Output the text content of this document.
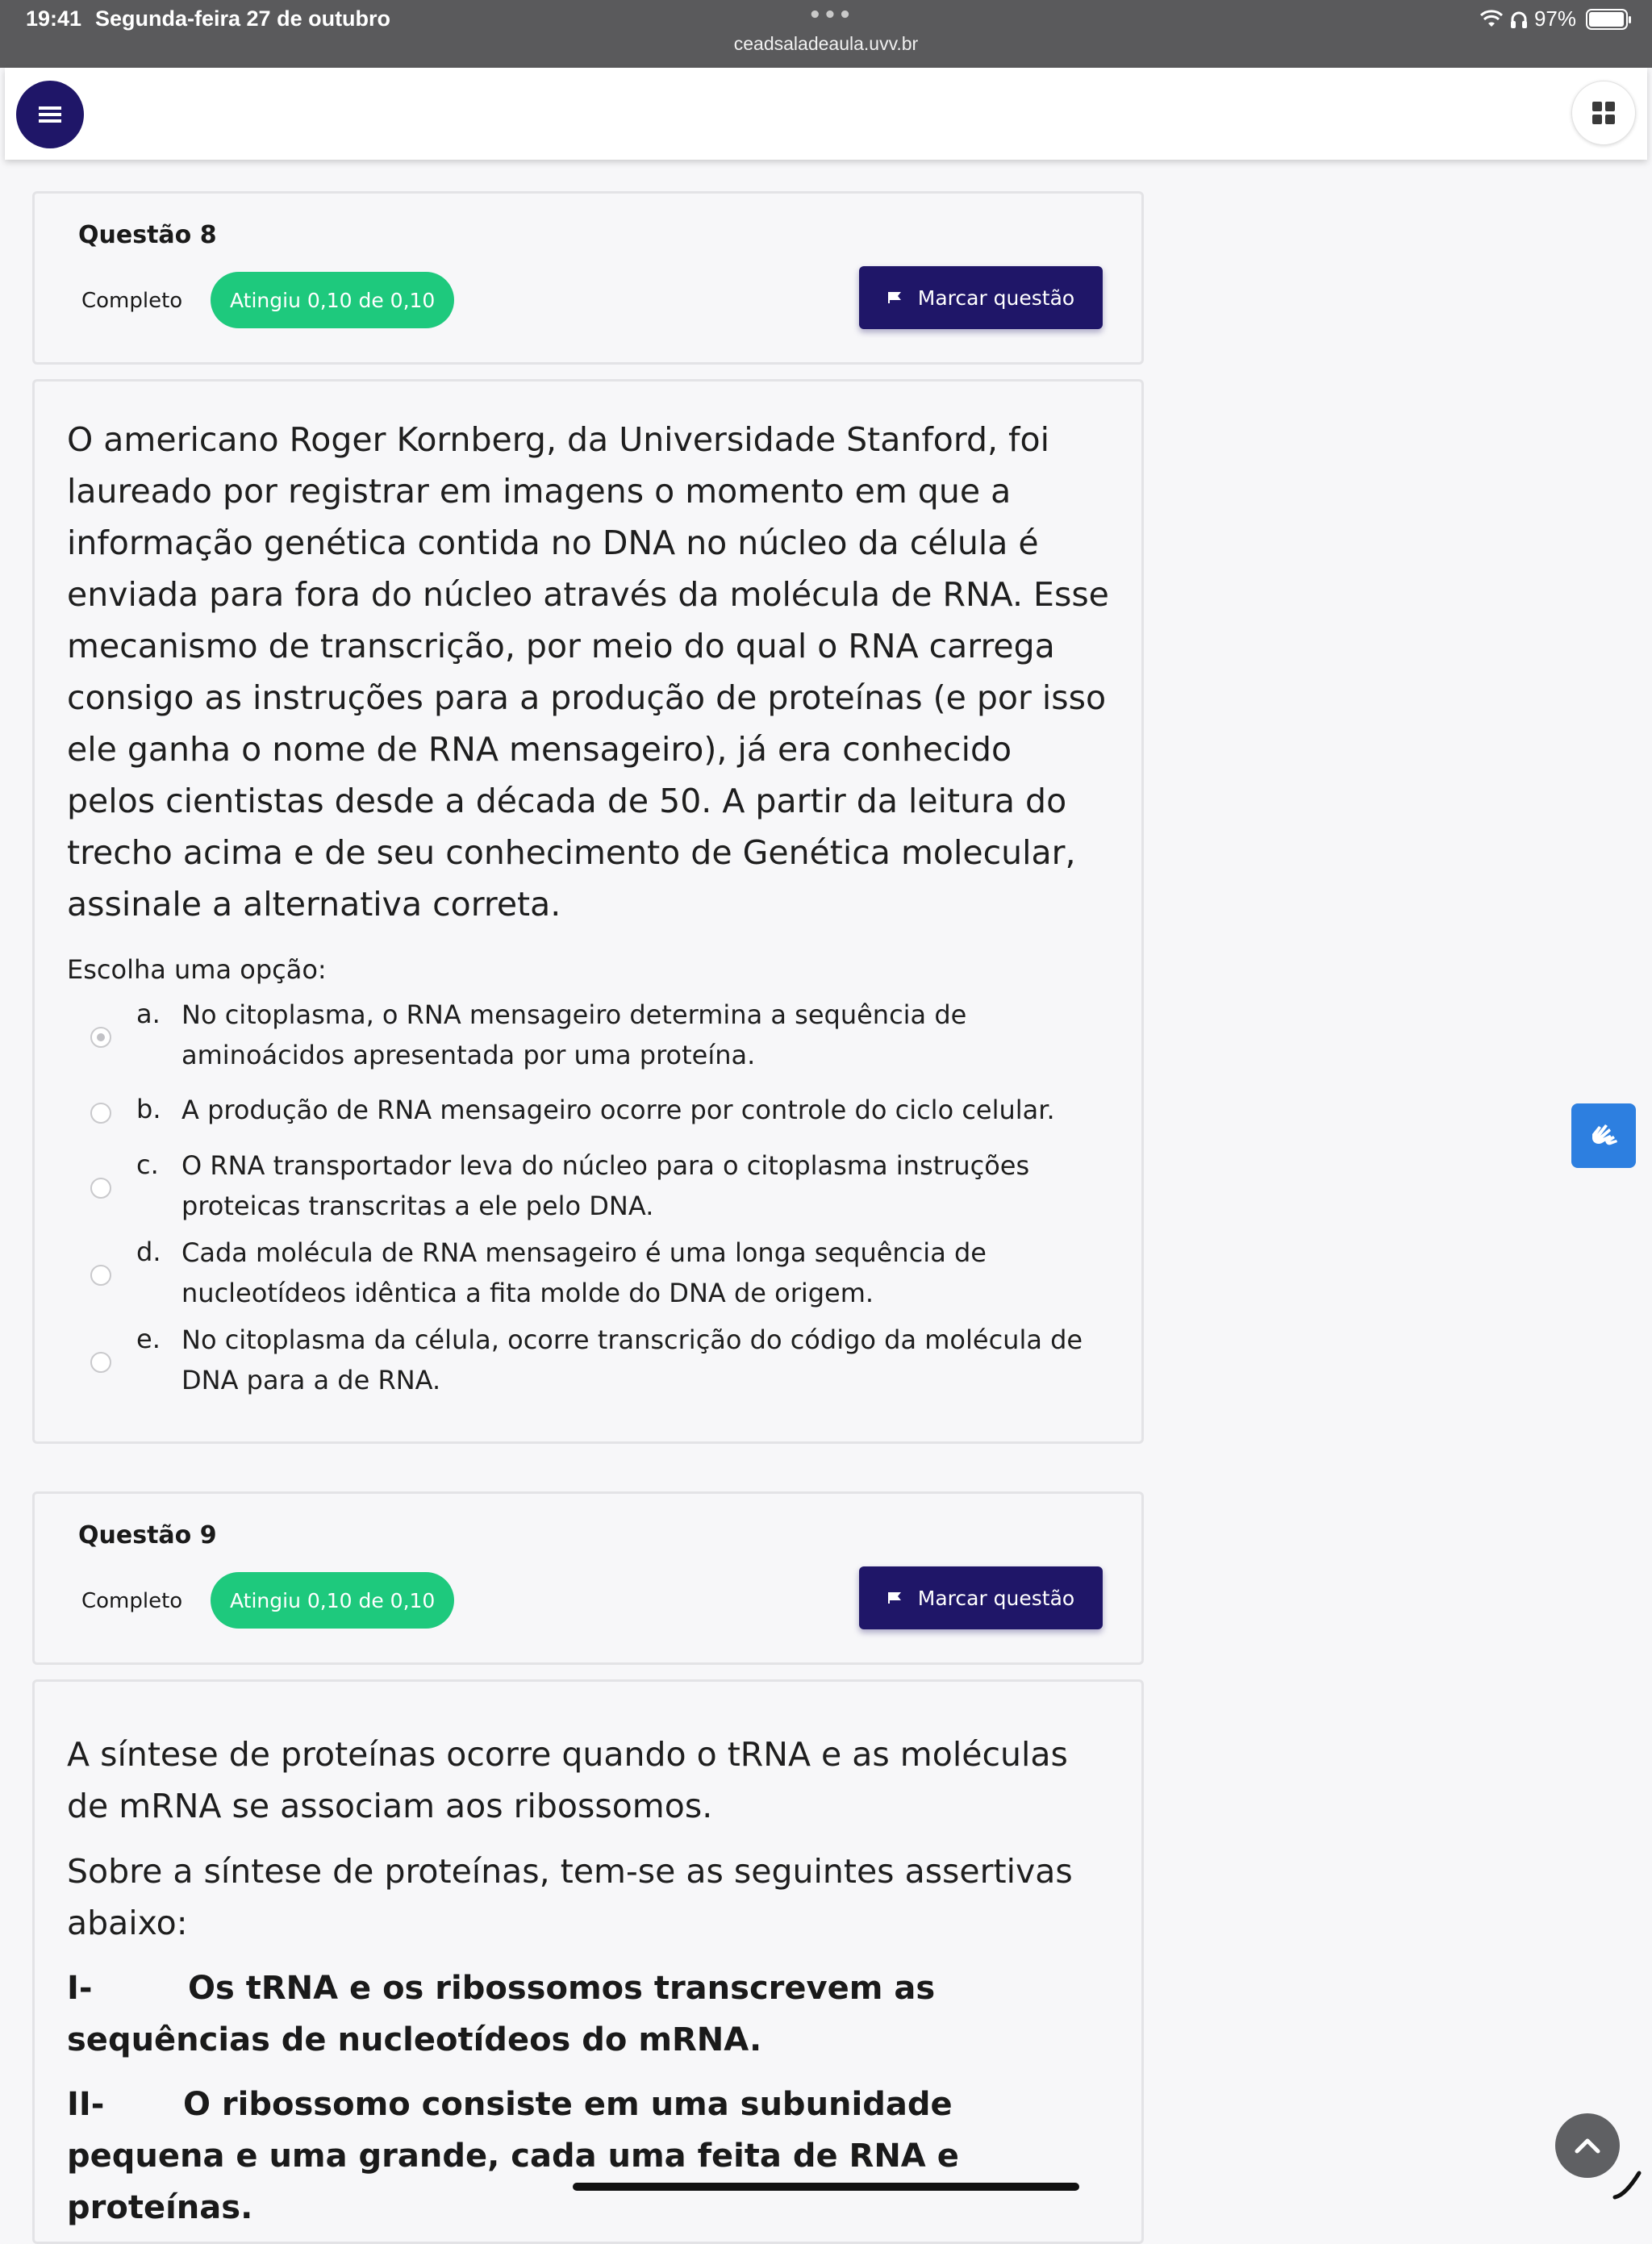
19:41 Segunda-feira 27 de outubro	•••
ceadsaladeaula.uvv.br
97%
Questão 8
Completo	Atingiu 0,10 de 0,10	Marcar questão
O americano Roger Kornberg, da Universidade Stanford, foi laureado por registrar em imagens o momento em que a informação genética contida no DNA no núcleo da célula é enviada para fora do núcleo através da molécula de RNA. Esse mecanismo de transcrição, por meio do qual o RNA carrega consigo as instruções para a produção de proteínas (e por isso ele ganha o nome de RNA mensageiro), já era conhecido pelos cientistas desde a década de 50. A partir da leitura do trecho acima e de seu conhecimento de Genética molecular, assinale a alternativa correta.
Escolha uma opção:
a. No citoplasma, o RNA mensageiro determina a sequência de aminoácidos apresentada por uma proteína.
b. A produção de RNA mensageiro ocorre por controle do ciclo celular.
c. O RNA transportador leva do núcleo para o citoplasma instruções proteicas transcritas a ele pelo DNA.
d. Cada molécula de RNA mensageiro é uma longa sequência de nucleotídeos idêntica a fita molde do DNA de origem.
e. No citoplasma da célula, ocorre transcrição do código da molécula de DNA para a de RNA.
Questão 9
Completo	Atingiu 0,10 de 0,10	Marcar questão
A síntese de proteínas ocorre quando o tRNA e as moléculas de mRNA se associam aos ribossomos.
Sobre a síntese de proteínas, tem-se as seguintes assertivas abaixo:
I-	Os tRNA e os ribossomos transcrevem as sequências de nucleotídeos do mRNA.
II- O ribossomo consiste em uma subunidade pequena e uma grande, cada uma feita de RNA e proteínas.
